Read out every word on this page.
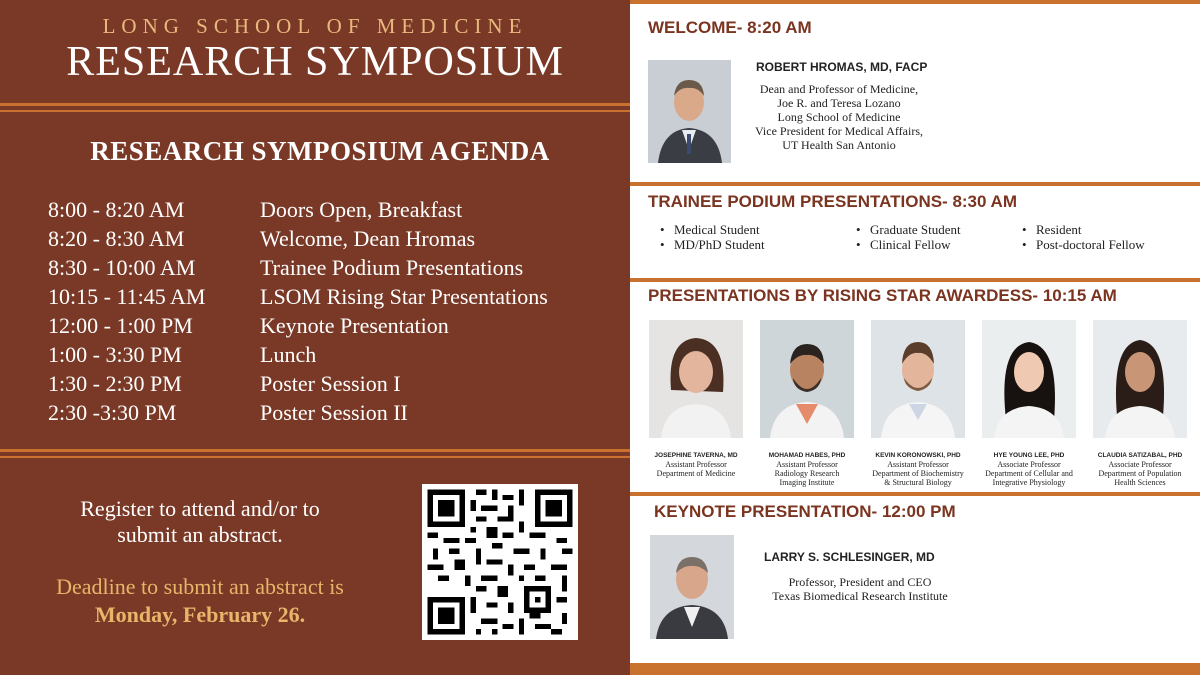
LONG SCHOOL OF MEDICINE
RESEARCH SYMPOSIUM
RESEARCH SYMPOSIUM AGENDA
8:00 - 8:20 AM	Doors Open, Breakfast
8:20 - 8:30 AM	Welcome, Dean Hromas
8:30 - 10:00 AM	Trainee Podium Presentations
10:15 - 11:45 AM LSOM Rising Star Presentations
12:00 - 1:00 PM	Keynote Presentation
1:00 - 3:30 PM	Lunch
1:30 - 2:30 PM	Poster Session I
2:30 -3:30 PM	Poster Session II
Register to attend and/or to
submit an abstract.
Deadline to submit an abstract is
Monday, February 26.
WELCOME- 8:20 AM
ROBERT HROMAS, MD, FACP
Dean and Professor of Medicine,
Joe R. and Teresa Lozano
Long School of Medicine
Vice President for Medical Affairs,
UT Health San Antonio
TRAINEE PODIUM PRESENTATIONS- 8:30 AM
• Medical Student
• MD/PhD Student
• Graduate Student
• Clinical Fellow
• Resident
• Post-doctoral Fellow
PRESENTATIONS BY RISING STAR AWARDESS- 10:15 AM
JOSEPHINE TAVERNA, MD
Assistant Professor
Department of Medicine
MOHAMAD HABES, PHD
Assistant Professor
Radiology Research
Imaging Institute
KEVIN KORONOWSKI, PHD
Assistant Professor
Department of Biochemistry
& Structural Biology
HYE YOUNG LEE, PHD
Associate Professor
Department of Cellular and
Integrative Physiology
CLAUDIA SATIZABAL, PHD
Associate Professor
Department of Population
Health Sciences
KEYNOTE PRESENTATION- 12:00 PM
LARRY S. SCHLESINGER, MD
Professor, President and CEO
Texas Biomedical Research Institute
